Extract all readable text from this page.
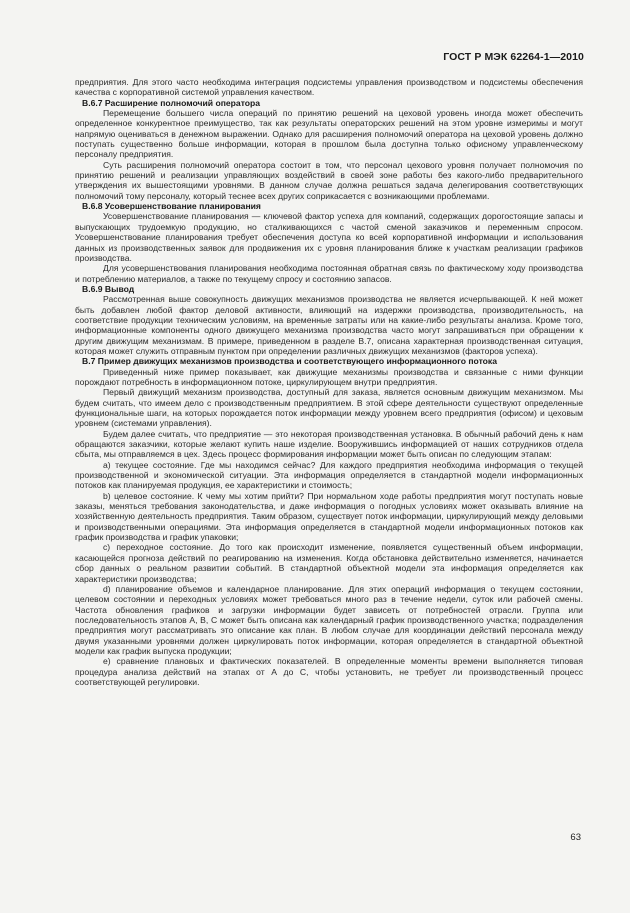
ГОСТ Р МЭК 62264-1—2010

предприятия. Для этого часто необходима интеграция подсистемы управления производством и подсистемы обеспечения качества с корпоративной системой управления качеством.

B.6.7 Расширение полномочий оператора

Перемещение большего числа операций по принятию решений на цеховой уровень иногда может обеспечить определенное конкурентное преимущество, так как результаты операторских решений на этом уровне измеримы и могут напрямую оцениваться в денежном выражении. Однако для расширения полномочий оператора на цеховой уровень должно поступать существенно больше информации, которая в прошлом была доступна только офисному управленческому персоналу предприятия.

Суть расширения полномочий оператора состоит в том, что персонал цехового уровня получает полномочия по принятию решений и реализации управляющих воздействий в своей зоне работы без какого-либо предварительного утверждения их вышестоящими уровнями. В данном случае должна решаться задача делегирования соответствующих полномочий тому персоналу, который теснее всех других соприкасается с возникающими проблемами.

B.6.8 Усовершенствование планирования

Усовершенствование планирования — ключевой фактор успеха для компаний, содержащих дорогостоящие запасы и выпускающих трудоемкую продукцию, но сталкивающихся с частой сменой заказчиков и переменным спросом. Усовершенствование планирования требует обеспечения доступа ко всей корпоративной информации и использования данных из производственных заявок для продвижения их с уровня планирования ближе к участкам реализации графиков производства.

Для усовершенствования планирования необходима постоянная обратная связь по фактическому ходу производства и потреблению материалов, а также по текущему спросу и состоянию запасов.

B.6.9 Вывод

Рассмотренная выше совокупность движущих механизмов производства не является исчерпывающей. К ней может быть добавлен любой фактор деловой активности, влияющий на издержки производства, производительность, на соответствие продукции техническим условиям, на временные затраты или на какие-либо результаты анализа. Кроме того, информационные компоненты одного движущего механизма производства часто могут запрашиваться при обращении к другим движущим механизмам. В примере, приведенном в разделе В.7, описана характерная производственная ситуация, которая может служить отправным пунктом при определении различных движущих механизмов (факторов успеха).

B.7 Пример движущих механизмов производства и соответствующего информационного потока

Приведенный ниже пример показывает, как движущие механизмы производства и связанные с ними функции порождают потребность в информационном потоке, циркулирующем внутри предприятия.

Первый движущий механизм производства, доступный для заказа, является основным движущим механизмом. Мы будем считать, что имеем дело с производственным предприятием. В этой сфере деятельности существуют определенные функциональные шаги, на которых порождается поток информации между уровнем всего предприятия (офисом) и цеховым уровнем (системами управления).

Будем далее считать, что предприятие — это некоторая производственная установка. В обычный рабочий день к нам обращаются заказчики, которые желают купить наше изделие. Вооружившись информацией от наших сотрудников отдела сбыта, мы отправляемся в цех. Здесь процесс формирования информации может быть описан по следующим этапам:

a) текущее состояние. Где мы находимся сейчас? Для каждого предприятия необходима информация о текущей производственной и экономической ситуации. Эта информация определяется в стандартной модели информационных потоков как планируемая продукция, ее характеристики и стоимость;

b) целевое состояние. К чему мы хотим прийти? При нормальном ходе работы предприятия могут поступать новые заказы, меняться требования законодательства, и даже информация о погодных условиях может оказывать влияние на хозяйственную деятельность предприятия. Таким образом, существует поток информации, циркулирующий между деловыми и производственными операциями. Эта информация определяется в стандартной модели информационных потоков как график производства и график упаковки;

c) переходное состояние. До того как происходит изменение, появляется существенный объем информации, касающейся прогноза действий по реагированию на изменения. Когда обстановка действительно изменяется, начинается сбор данных о реальном развитии событий. В стандартной объектной модели эта информация определяется как характеристики производства;

d) планирование объемов и календарное планирование. Для этих операций информация о текущем состоянии, целевом состоянии и переходных условиях может требоваться много раз в течение недели, суток или рабочей смены. Частота обновления графиков и загрузки информации будет зависеть от потребностей отрасли. Группа или последовательность этапов А, В, С может быть описана как календарный график производственного участка; подразделения предприятия могут рассматривать это описание как план. В любом случае для координации действий персонала между двумя указанными уровнями должен циркулировать поток информации, которая определяется в стандартной объектной модели как график выпуска продукции;

e) сравнение плановых и фактических показателей. В определенные моменты времени выполняется типовая процедура анализа действий на этапах от А до С, чтобы установить, не требует ли производственный процесс соответствующей регулировки.

63
